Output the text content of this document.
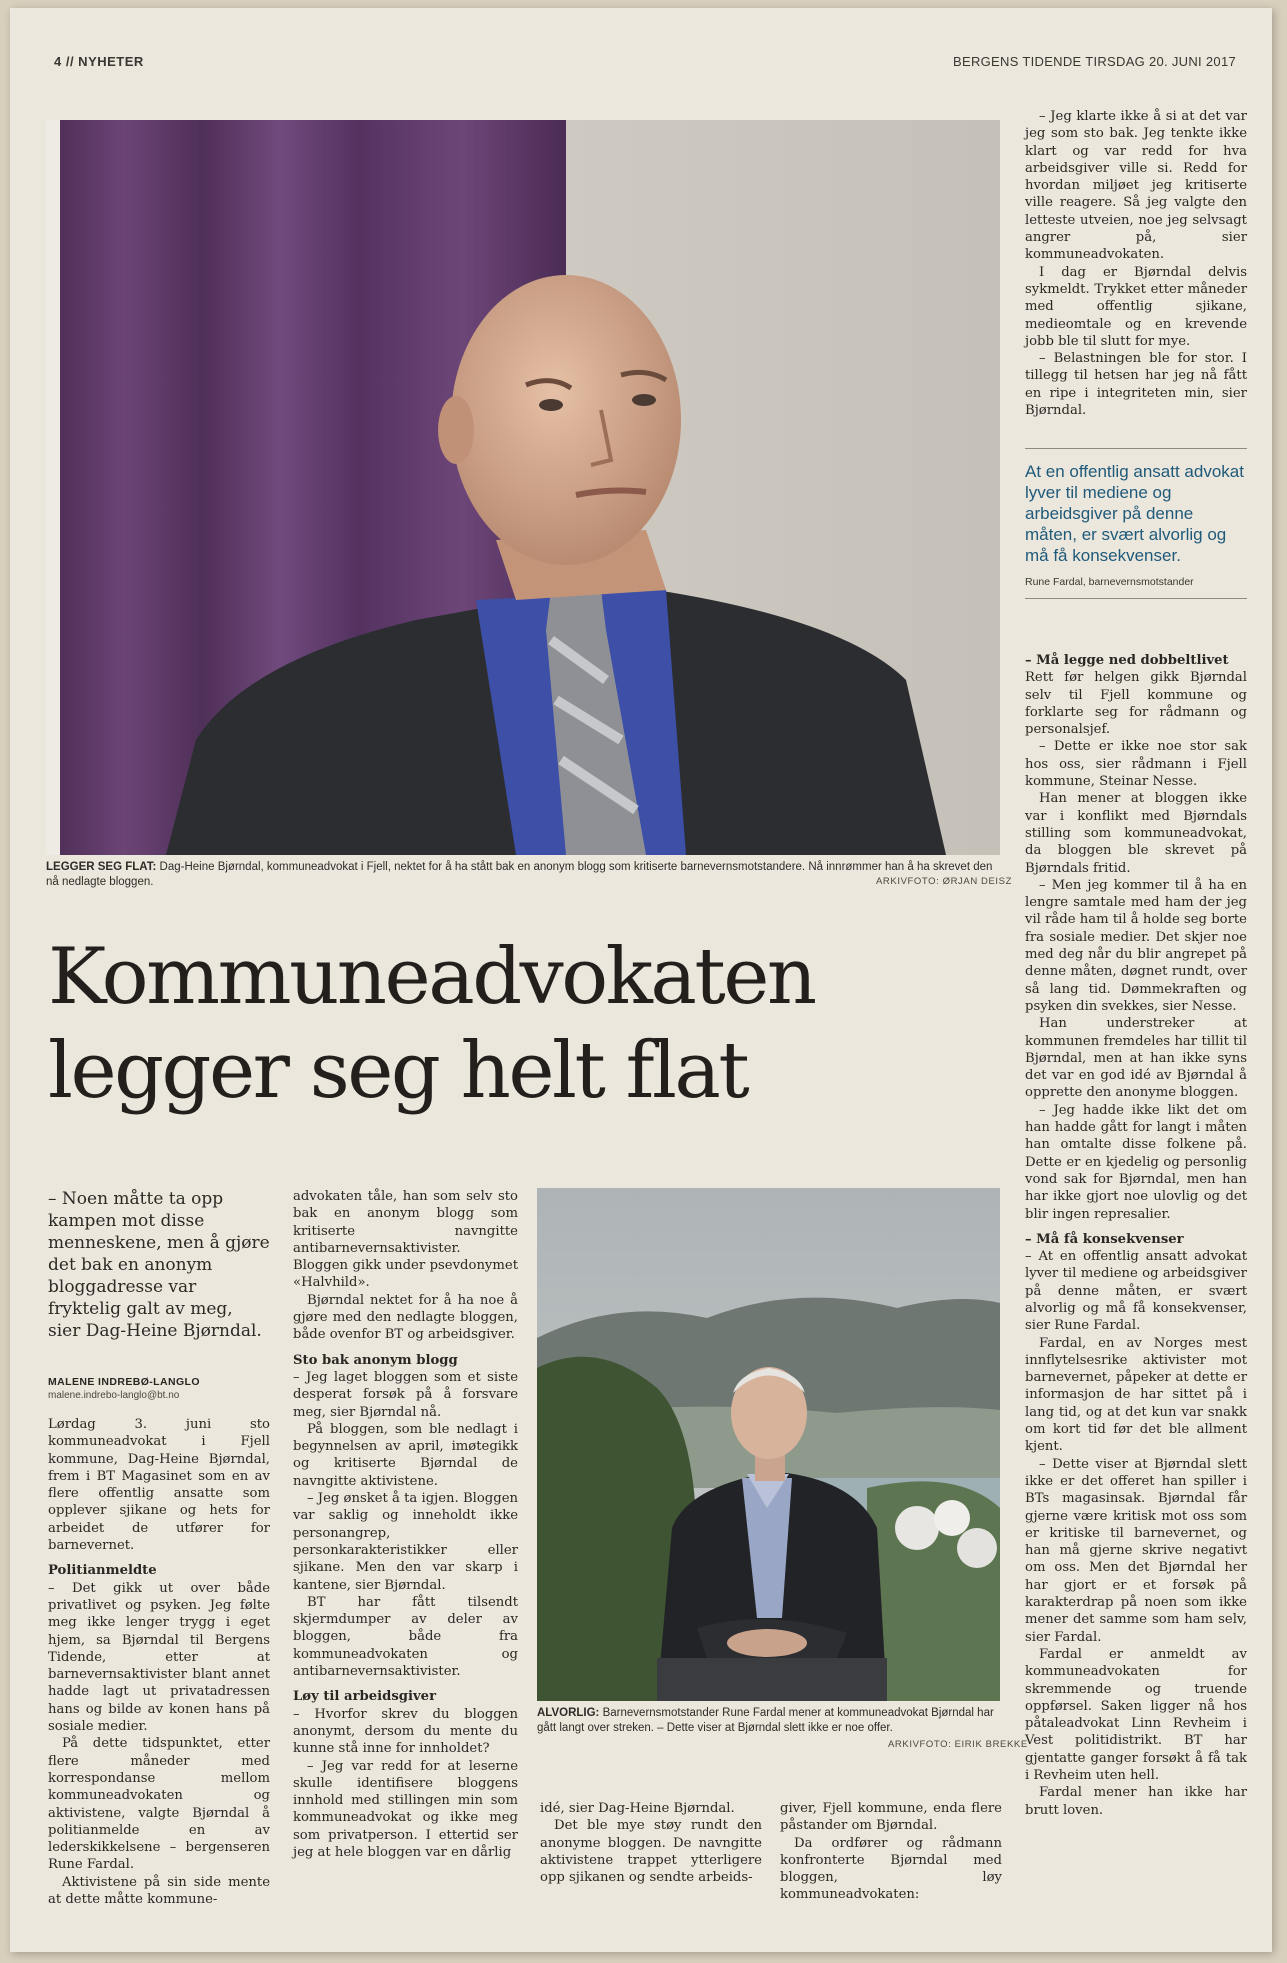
4 // NYHETER	BERGENS TIDENDE TIRSDAG 20. JUNI 2017
LEGGER SEG FLAT: Dag-Heine Bjørndal, kommuneadvokat i Fjell, nektet for å ha stått bak en anonym blogg som kritiserte barnevernsmotstandere. Nå innrømmer han å ha skrevet den nå nedlagte bloggen.	ARKIVFOTO: ØRJAN DEISZ

– Jeg klarte ikke å si at det var jeg som sto bak. Jeg tenkte ikke klart og var redd for hva arbeidsgiver ville si. Redd for hvordan miljøet jeg kritiserte ville reagere. Så jeg valgte den letteste utveien, noe jeg selvsagt angrer på, sier kommuneadvokaten.

I dag er Bjørndal delvis sykmeldt. Trykket etter måneder med offentlig sjikane, medieomtale og en krevende jobb ble til slutt for mye.

– Belastningen ble for stor. I tillegg til hetsen har jeg nå fått en ripe i integriteten min, sier Bjørndal.

At en offentlig ansatt advokat lyver til mediene og arbeidsgiver på denne måten, er svært alvorlig og må få konsekvenser.
Rune Fardal, barnevernsmotstander

– Må legge ned dobbeltlivet

Rett før helgen gikk Bjørndal selv til Fjell kommune og forklarte seg for rådmann og personalsjef.

– Dette er ikke noe stor sak hos oss, sier rådmann i Fjell kommune, Steinar Nesse.

Han mener at bloggen ikke var i konflikt med Bjørndals stilling som kommuneadvokat, da bloggen ble skrevet på Bjørndals fritid.

– Men jeg kommer til å ha en lengre samtale med ham der jeg vil råde ham til å holde seg borte fra sosiale medier. Det skjer noe med deg når du blir angrepet på denne måten, døgnet rundt, over så lang tid. Dømmekraften og psyken din svekkes, sier Nesse.

Han understreker at kommunen fremdeles har tillit til Bjørndal, men at han ikke syns det var en god idé av Bjørndal å opprette den anonyme bloggen.

– Jeg hadde ikke likt det om han hadde gått for langt i måten han omtalte disse folkene på. Dette er en kjedelig og personlig vond sak for Bjørndal, men han har ikke gjort noe ulovlig og det blir ingen represalier.

– Må få konsekvenser

– At en offentlig ansatt advokat lyver til mediene og arbeidsgiver på denne måten, er svært alvorlig og må få konsekvenser, sier Rune Fardal.

Fardal, en av Norges mest innflytelsesrike aktivister mot barnevernet, påpeker at dette er informasjon de har sittet på i lang tid, og at det kun var snakk om kort tid før det ble allment kjent.

– Dette viser at Bjørndal slett ikke er det offeret han spiller i BTs magasinsak. Bjørndal får gjerne være kritisk mot oss som er kritiske til barnevernet, og han må gjerne skrive negativt om oss. Men det Bjørndal her har gjort er et forsøk på karakterdrap på noen som ikke mener det samme som ham selv, sier Fardal.

Fardal er anmeldt av kommuneadvokaten for skremmende og truende oppførsel. Saken ligger nå hos påtaleadvokat Linn Revheim i Vest politidistrikt. BT har gjentatte ganger forsøkt å få tak i Revheim uten hell.

Fardal mener han ikke har brutt loven.

Kommuneadvokaten
legger seg helt flat
– Noen måtte ta opp kampen mot disse menneskene, men å gjøre det bak en anonym bloggadresse var fryktelig galt av meg, sier Dag-Heine Bjørndal.
MALENE INDREBØ-LANGLO
malene.indrebo-langlo@bt.no

Lørdag 3. juni sto kommuneadvokat i Fjell kommune, Dag-Heine Bjørndal, frem i BT Magasinet som en av flere offentlig ansatte som opplever sjikane og hets for arbeidet de utfører for barnevernet.

Politianmeldte

– Det gikk ut over både privatlivet og psyken. Jeg følte meg ikke lenger trygg i eget hjem, sa Bjørndal til Bergens Tidende, etter at barnevernsaktivister blant annet hadde lagt ut privatadressen hans og bilde av konen hans på sosiale medier.

På dette tidspunktet, etter flere måneder med korrespondanse mellom kommuneadvokaten og aktivistene, valgte Bjørndal å politianmelde en av lederskikkelsene – bergenseren Rune Fardal.

Aktivistene på sin side mente at dette måtte kommune-

advokaten tåle, han som selv sto bak en anonym blogg som kritiserte navngitte antibarnevernsaktivister. Bloggen gikk under psevdonymet «Halvhild».

Bjørndal nektet for å ha noe å gjøre med den nedlagte bloggen, både ovenfor BT og arbeidsgiver.

Sto bak anonym blogg

– Jeg laget bloggen som et siste desperat forsøk på å forsvare meg, sier Bjørndal nå.

På bloggen, som ble nedlagt i begynnelsen av april, imøtegikk og kritiserte Bjørndal de navngitte aktivistene.

– Jeg ønsket å ta igjen. Bloggen var saklig og inneholdt ikke personangrep, personkarakteristikker eller sjikane. Men den var skarp i kantene, sier Bjørndal.

BT har fått tilsendt skjermdumper av deler av bloggen, både fra kommuneadvokaten og antibarnevernsaktivister.

Løy til arbeidsgiver

– Hvorfor skrev du bloggen anonymt, dersom du mente du kunne stå inne for innholdet?

– Jeg var redd for at leserne skulle identifisere bloggens innhold med stillingen min som kommuneadvokat og ikke meg som privatperson. I ettertid ser jeg at hele bloggen var en dårlig

ALVORLIG: Barnevernsmotstander Rune Fardal mener at kommuneadvokat Bjørndal har gått langt over streken. – Dette viser at Bjørndal slett ikke er noe offer.
ARKIVFOTO: EIRIK BREKKE

idé, sier Dag-Heine Bjørndal.

Det ble mye støy rundt den anonyme bloggen. De navngitte aktivistene trappet ytterligere opp sjikanen og sendte arbeids-

giver, Fjell kommune, enda flere påstander om Bjørndal.

Da ordfører og rådmann konfronterte Bjørndal med bloggen, løy kommuneadvokaten:
